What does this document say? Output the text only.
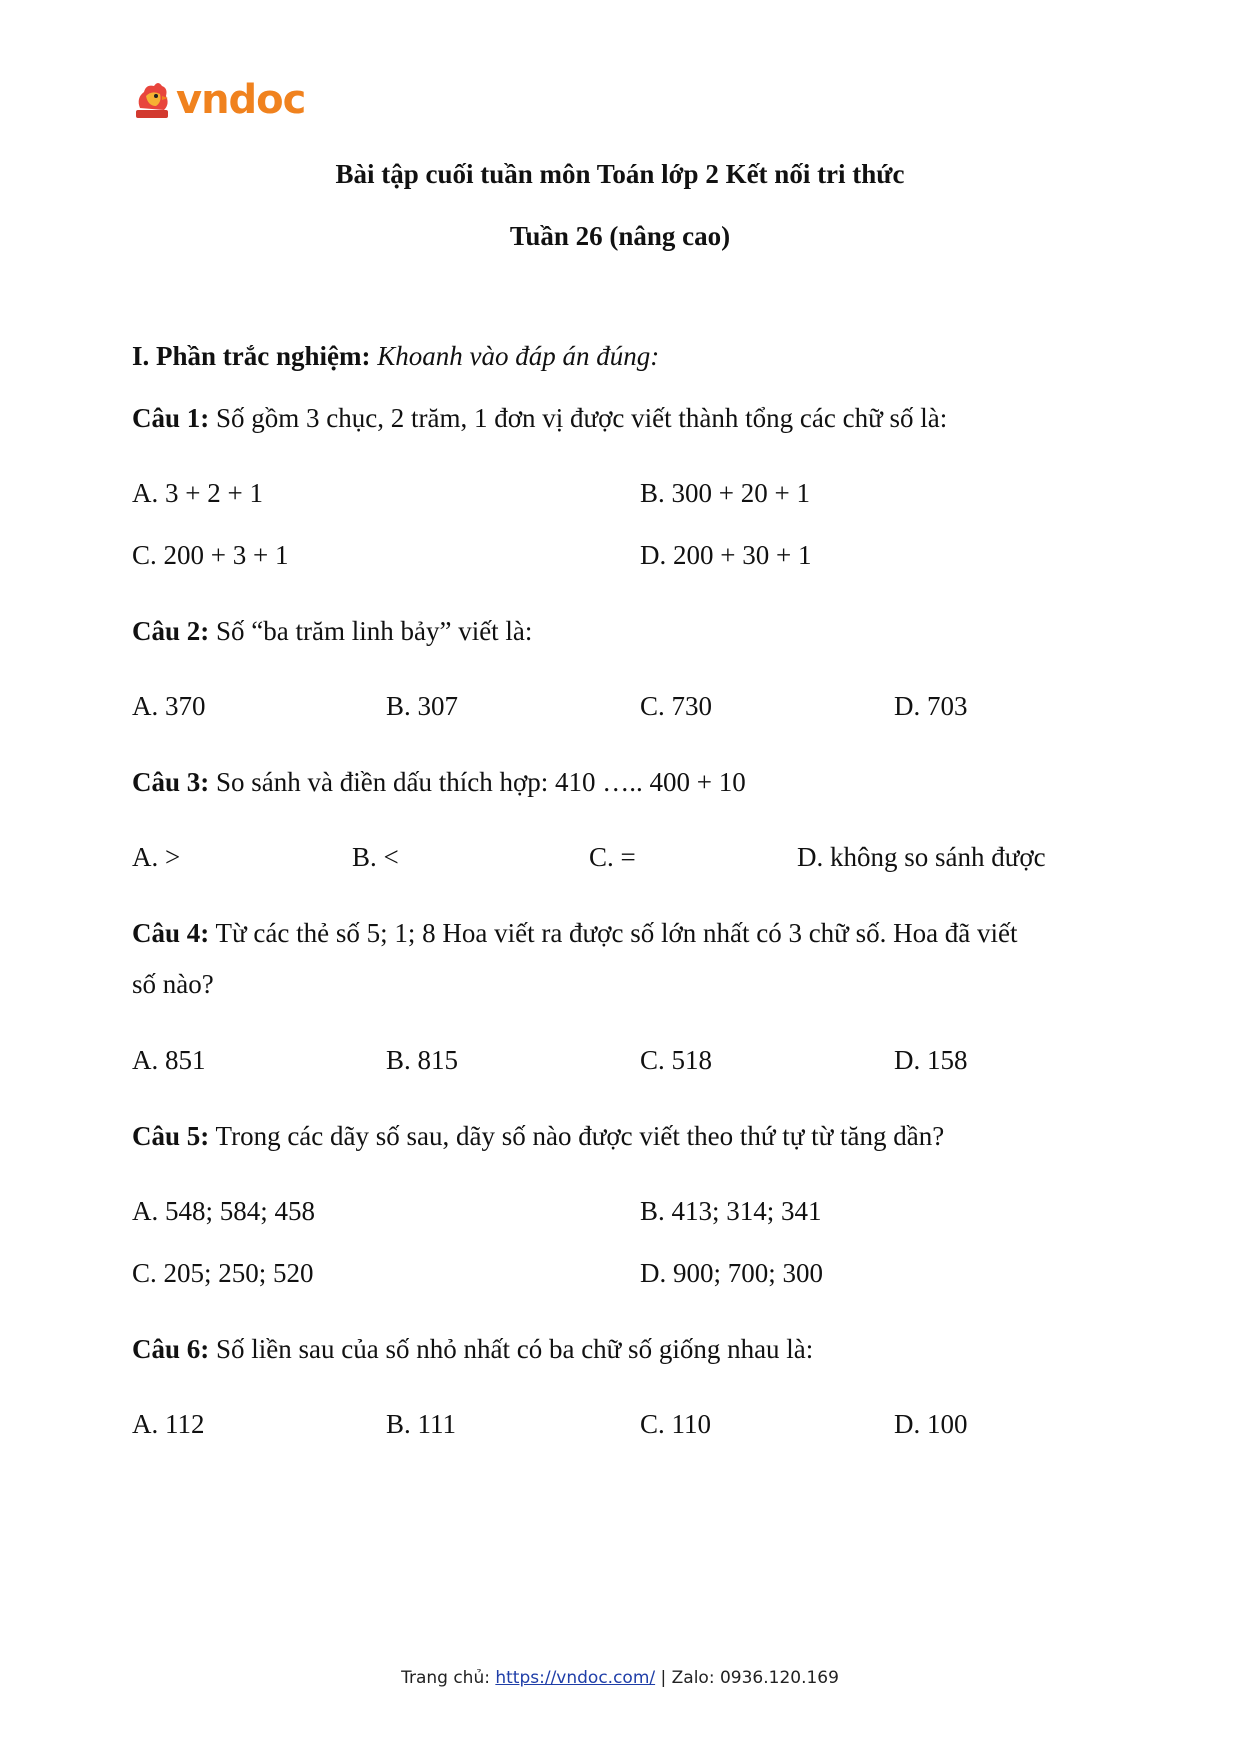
vndoc
Bài tập cuối tuần môn Toán lớp 2 Kết nối tri thức
Tuần 26 (nâng cao)
I. Phần trắc nghiệm: Khoanh vào đáp án đúng:
Câu 1: Số gồm 3 chục, 2 trăm, 1 đơn vị được viết thành tổng các chữ số là:
A. 3 + 2 + 1	B. 300 + 20 + 1
C. 200 + 3 + 1	D. 200 + 30 + 1
Câu 2: Số “ba trăm linh bảy” viết là:
A. 370	B. 307	C. 730	D. 703
Câu 3: So sánh và điền dấu thích hợp: 410 ….. 400 + 10
A. >	B. <	C. =	D. không so sánh được
Câu 4: Từ các thẻ số 5; 1; 8 Hoa viết ra được số lớn nhất có 3 chữ số. Hoa đã viết
số nào?
A. 851	B. 815	C. 518	D. 158
Câu 5: Trong các dãy số sau, dãy số nào được viết theo thứ tự từ tăng dần?
A. 548; 584; 458	B. 413; 314; 341
C. 205; 250; 520	D. 900; 700; 300
Câu 6: Số liền sau của số nhỏ nhất có ba chữ số giống nhau là:
A. 112	B. 111	C. 110	D. 100
Trang chủ: https://vndoc.com/ | Zalo: 0936.120.169
